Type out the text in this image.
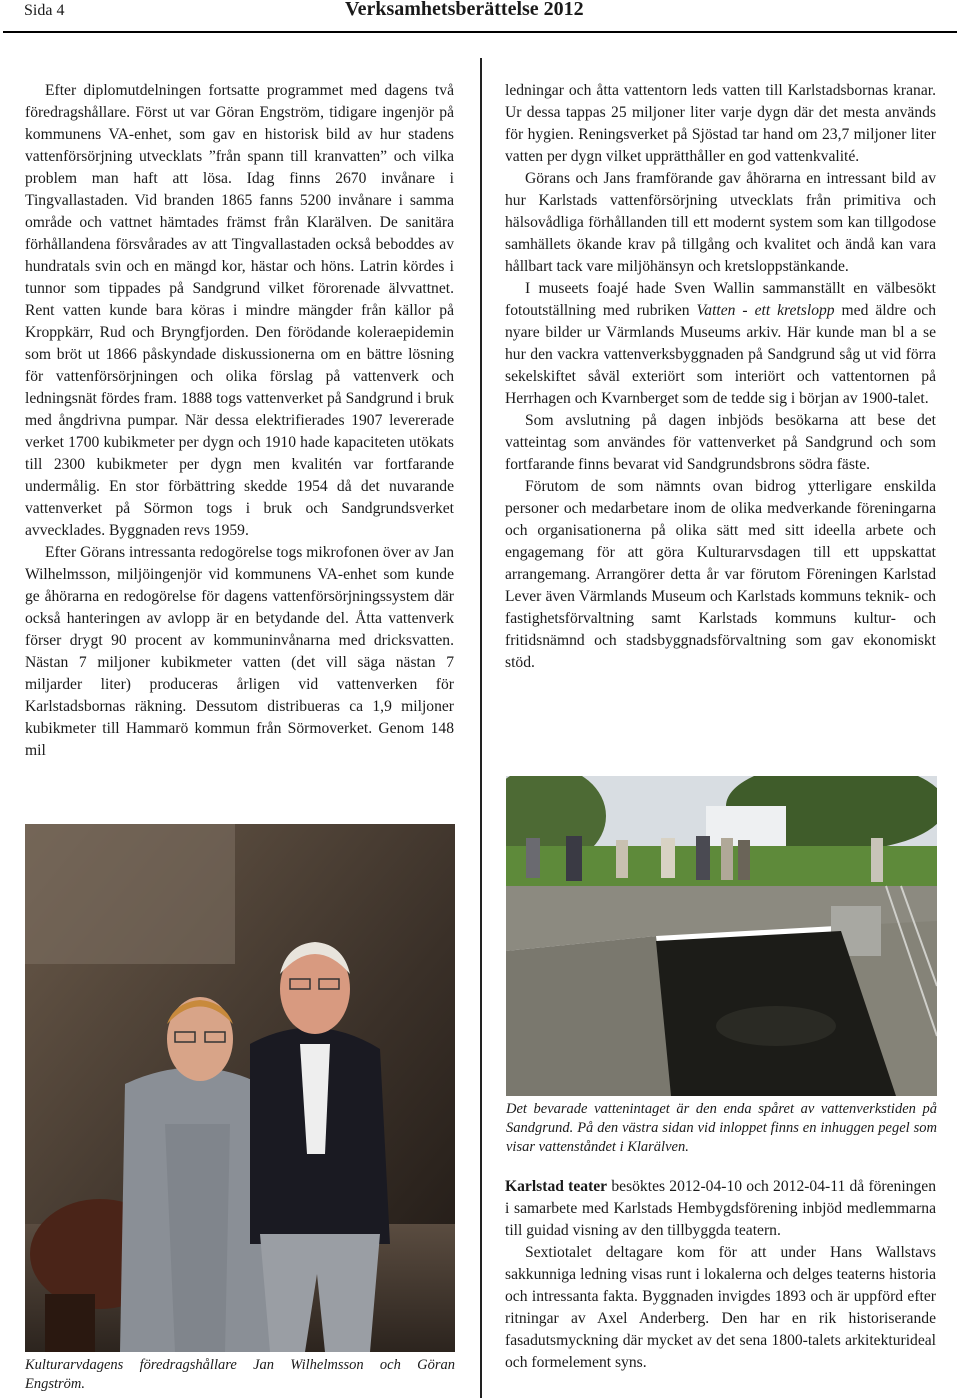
Sida 4	Verksamhetsberättelse 2012

Efter diplomutdelningen fortsatte programmet med dagens två föredragshållare. Först ut var Göran Engström, tidigare ingenjör på kommunens VA-enhet, som gav en historisk bild av hur stadens vattenförsörjning utvecklats ”från spann till kranvatten” och vilka problem man haft att lösa. Idag finns 2670 invånare i Tingvallastaden. Vid branden 1865 fanns 5200 invånare i samma område och vattnet hämtades främst från Klarälven. De sanitära förhållandena försvårades av att Tingvallastaden också beboddes av hundratals svin och en mängd kor, hästar och höns. Latrin kördes i tunnor som tippades på Sandgrund vilket förorenade älvvattnet. Rent vatten kunde bara köras i mindre mängder från källor på Kroppkärr, Rud och Bryngfjorden. Den förödande koleraepidemin som bröt ut 1866 påskyndade diskussionerna om en bättre lösning för vattenförsörjningen och olika förslag på vattenverk och ledningsnät fördes fram. 1888 togs vattenverket på Sandgrund i bruk med ångdrivna pumpar. När dessa elektrifierades 1907 levererade verket 1700 kubikmeter per dygn och 1910 hade kapaciteten utökats till 2300 kubikmeter per dygn men kvalitén var fortfarande undermålig. En stor förbättring skedde 1954 då det nuvarande vattenverket på Sörmon togs i bruk och Sandgrundsverket avvecklades. Byggnaden revs 1959.

Efter Görans intressanta redogörelse togs mikrofonen över av Jan Wilhelmsson, miljöingenjör vid kommunens VA-enhet som kunde ge åhörarna en redogörelse för dagens vattenförsörjningssystem där också hanteringen av avlopp är en betydande del. Åtta vattenverk förser drygt 90 procent av kommuninvånarna med dricksvatten. Nästan 7 miljoner kubikmeter vatten (det vill säga nästan 7 miljarder liter) produceras årligen vid vattenverken för Karlstadsbornas räkning. Dessutom distribueras ca 1,9 miljoner kubikmeter till Hammarö kommun från Sörmoverket. Genom 148 mil

ledningar och åtta vattentorn leds vatten till Karlstadsbornas kranar. Ur dessa tappas 25 miljoner liter varje dygn där det mesta används för hygien. Reningsverket på Sjöstad tar hand om 23,7 miljoner liter vatten per dygn vilket upprätthåller en god vattenkvalité.

Görans och Jans framförande gav åhörarna en intressant bild av hur Karlstads vattenförsörjning utvecklats från primitiva och hälsovådliga förhållanden till ett modernt system som kan tillgodose samhällets ökande krav på tillgång och kvalitet och ändå kan vara hållbart tack vare miljöhänsyn och kretsloppstänkande.

I museets foajé hade Sven Wallin sammanställt en välbesökt fotoutställning med rubriken Vatten - ett kretslopp med äldre och nyare bilder ur Värmlands Museums arkiv. Här kunde man bl a se hur den vackra vattenverksbyggnaden på Sandgrund såg ut vid förra sekelskiftet såväl exteriört som interiört och vattentornen på Herrhagen och Kvarnberget som de tedde sig i början av 1900-talet.

Som avslutning på dagen inbjöds besökarna att bese det vatteintag som användes för vattenverket på Sandgrund och som fortfarande finns bevarat vid Sandgrundsbrons södra fäste.

Förutom de som nämnts ovan bidrog ytterligare enskilda personer och medarbetare inom de olika medverkande föreningarna och organisationerna på olika sätt med sitt ideella arbete och engagemang för att göra Kulturarvsdagen till ett uppskattat arrangemang. Arrangörer detta år var förutom Föreningen Karlstad Lever även Värmlands Museum och Karlstads kommuns teknik- och fastighetsförvaltning samt Karlstads kommuns kultur- och fritidsnämnd och stadsbyggnadsförvaltning som gav ekonomiskt stöd.

Det bevarade vattenintaget är den enda spåret av vattenverkstiden på Sandgrund. På den västra sidan vid inloppet finns en inhuggen pegel som visar vattenståndet i Klarälven.

Karlstad teater besöktes 2012-04-10 och 2012-04-11 då föreningen i samarbete med Karlstads Hembygdsförening inbjöd medlemmarna till guidad visning av den tillbyggda teatern.

Sextiotalet deltagare kom för att under Hans Wallstavs sakkunniga ledning visas runt i lokalerna och delges teaterns historia och intressanta fakta. Byggnaden invigdes 1893 och är uppförd efter ritningar av Axel Anderberg. Den har en rik historiserande fasadutsmyckning där mycket av det sena 1800-talets arkitekturideal och formelement syns.

Kulturarvdagens föredragshållare Jan Wilhelmsson och Göran Engström.
